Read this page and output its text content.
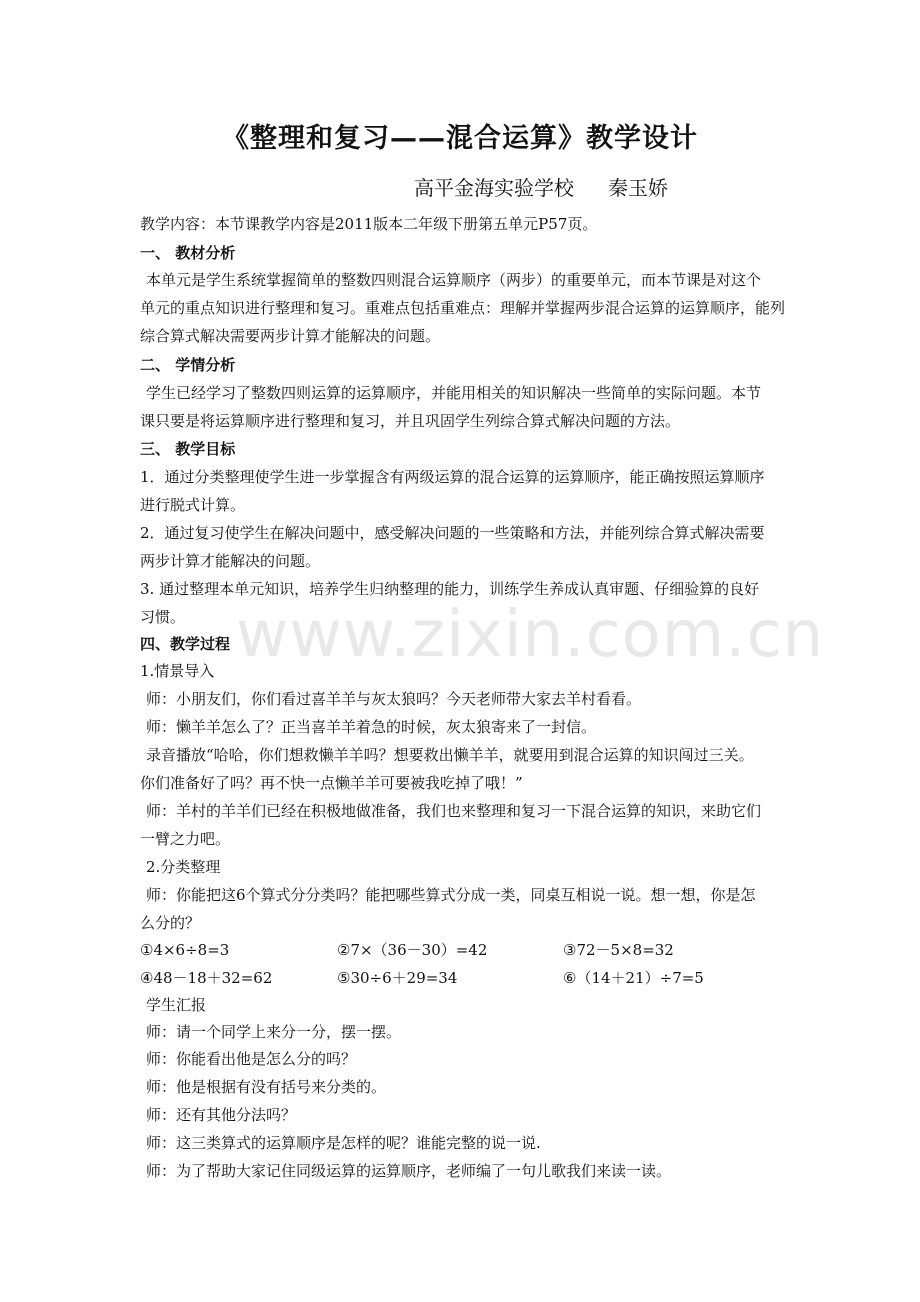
www.zixin.com.cn
《整理和复习——混合运算》教学设计
高平金海实验学校 秦玉娇
教学内容：本节课教学内容是2011版本二年级下册第五单元P57页。
一、 教材分析
本单元是学生系统掌握简单的整数四则混合运算顺序（两步）的重要单元，而本节课是对这个
单元的重点知识进行整理和复习。重难点包括重难点：理解并掌握两步混合运算的运算顺序，能列
综合算式解决需要两步计算才能解决的问题。
二、 学情分析
学生已经学习了整数四则运算的运算顺序，并能用相关的知识解决一些简单的实际问题。本节
课只要是将运算顺序进行整理和复习，并且巩固学生列综合算式解决问题的方法。
三、 教学目标
1．通过分类整理使学生进一步掌握含有两级运算的混合运算的运算顺序，能正确按照运算顺序
进行脱式计算。
2．通过复习使学生在解决问题中，感受解决问题的一些策略和方法，并能列综合算式解决需要
两步计算才能解决的问题。
3. 通过整理本单元知识，培养学生归纳整理的能力，训练学生养成认真审题、仔细验算的良好
习惯。
四、教学过程
1.情景导入
师：小朋友们，你们看过喜羊羊与灰太狼吗？今天老师带大家去羊村看看。
师：懒羊羊怎么了？正当喜羊羊着急的时候，灰太狼寄来了一封信。
录音播放“哈哈，你们想救懒羊羊吗？想要救出懒羊羊，就要用到混合运算的知识闯过三关。
你们准备好了吗？再不快一点懒羊羊可要被我吃掉了哦！”
师：羊村的羊羊们已经在积极地做准备，我们也来整理和复习一下混合运算的知识，来助它们
一臂之力吧。
2.分类整理
师：你能把这6个算式分分类吗？能把哪些算式分成一类，同桌互相说一说。想一想，你是怎
么分的？
①4×6÷8=3	②7×（36－30）=42	③72－5×8=32
④48－18＋32=62	⑤30÷6＋29=34	⑥（14＋21）÷7=5
学生汇报
师：请一个同学上来分一分，摆一摆。
师：你能看出他是怎么分的吗？
师：他是根据有没有括号来分类的。
师：还有其他分法吗？
师：这三类算式的运算顺序是怎样的呢？谁能完整的说一说.
师：为了帮助大家记住同级运算的运算顺序，老师编了一句儿歌我们来读一读。
